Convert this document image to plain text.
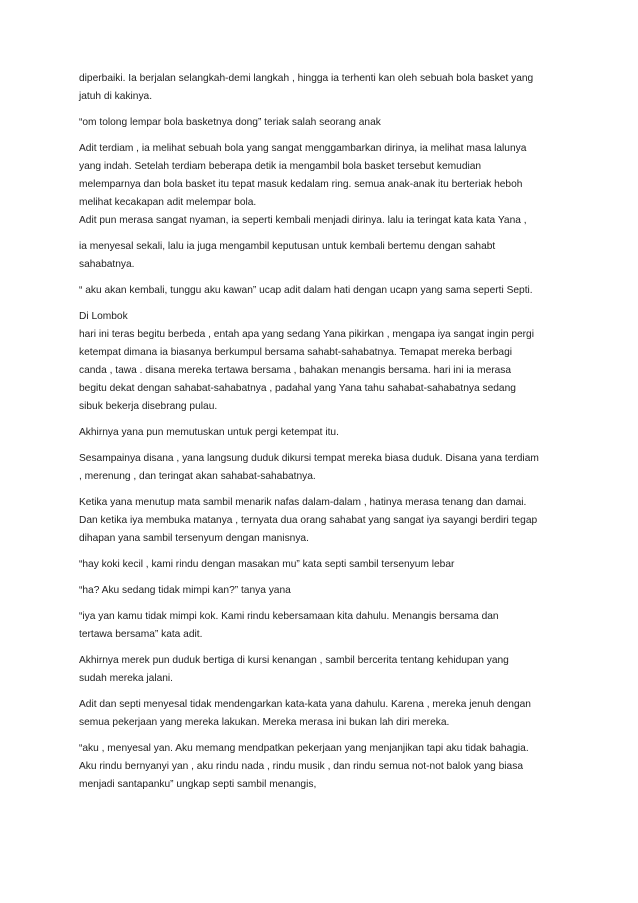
diperbaiki. Ia berjalan selangkah-demi langkah , hingga ia terhenti kan oleh sebuah bola basket yang
jatuh di kakinya.

“om tolong lempar bola basketnya dong” teriak salah seorang anak

Adit terdiam , ia melihat sebuah bola yang sangat menggambarkan dirinya, ia melihat masa lalunya
yang indah. Setelah terdiam beberapa detik ia mengambil bola basket tersebut kemudian
melemparnya dan bola basket itu tepat masuk kedalam ring. semua anak-anak itu berteriak heboh
melihat kecakapan adit melempar bola.
Adit pun merasa sangat nyaman, ia seperti kembali menjadi dirinya. lalu ia teringat kata kata Yana ,

ia menyesal sekali, lalu ia juga mengambil keputusan untuk kembali bertemu dengan sahabt
sahabatnya.

“ aku akan kembali, tunggu aku kawan” ucap adit dalam hati dengan ucapn yang sama seperti Septi.

Di Lombok
hari ini teras begitu berbeda , entah apa yang sedang Yana pikirkan , mengapa iya sangat ingin pergi
ketempat dimana ia biasanya berkumpul bersama sahabt-sahabatnya. Temapat mereka berbagi
canda , tawa . disana mereka tertawa bersama , bahakan menangis bersama. hari ini ia merasa
begitu dekat dengan sahabat-sahabatnya , padahal yang Yana tahu sahabat-sahabatnya sedang
sibuk bekerja disebrang pulau.

Akhirnya yana pun memutuskan untuk pergi ketempat itu.

Sesampainya disana , yana langsung duduk dikursi tempat mereka biasa duduk. Disana yana terdiam
, merenung , dan teringat akan sahabat-sahabatnya.

Ketika yana menutup mata sambil menarik nafas dalam-dalam , hatinya merasa tenang dan damai.
Dan ketika iya membuka matanya , ternyata dua orang sahabat yang sangat iya sayangi berdiri tegap
dihapan yana sambil tersenyum dengan manisnya.

“hay koki kecil , kami rindu dengan masakan mu” kata septi sambil tersenyum lebar

“ha? Aku sedang tidak mimpi kan?” tanya yana

“iya yan kamu tidak mimpi kok. Kami rindu kebersamaan kita dahulu. Menangis bersama dan
tertawa bersama” kata adit.

Akhirnya merek pun duduk bertiga di kursi kenangan , sambil bercerita tentang kehidupan yang
sudah mereka jalani.

Adit dan septi menyesal tidak mendengarkan kata-kata yana dahulu. Karena , mereka jenuh dengan
semua pekerjaan yang mereka lakukan. Mereka merasa ini bukan lah diri mereka.

“aku , menyesal yan. Aku memang mendpatkan pekerjaan yang menjanjikan tapi aku tidak bahagia.
Aku rindu bernyanyi yan , aku rindu nada , rindu musik , dan rindu semua not-not balok yang biasa
menjadi santapanku” ungkap septi sambil menangis,
